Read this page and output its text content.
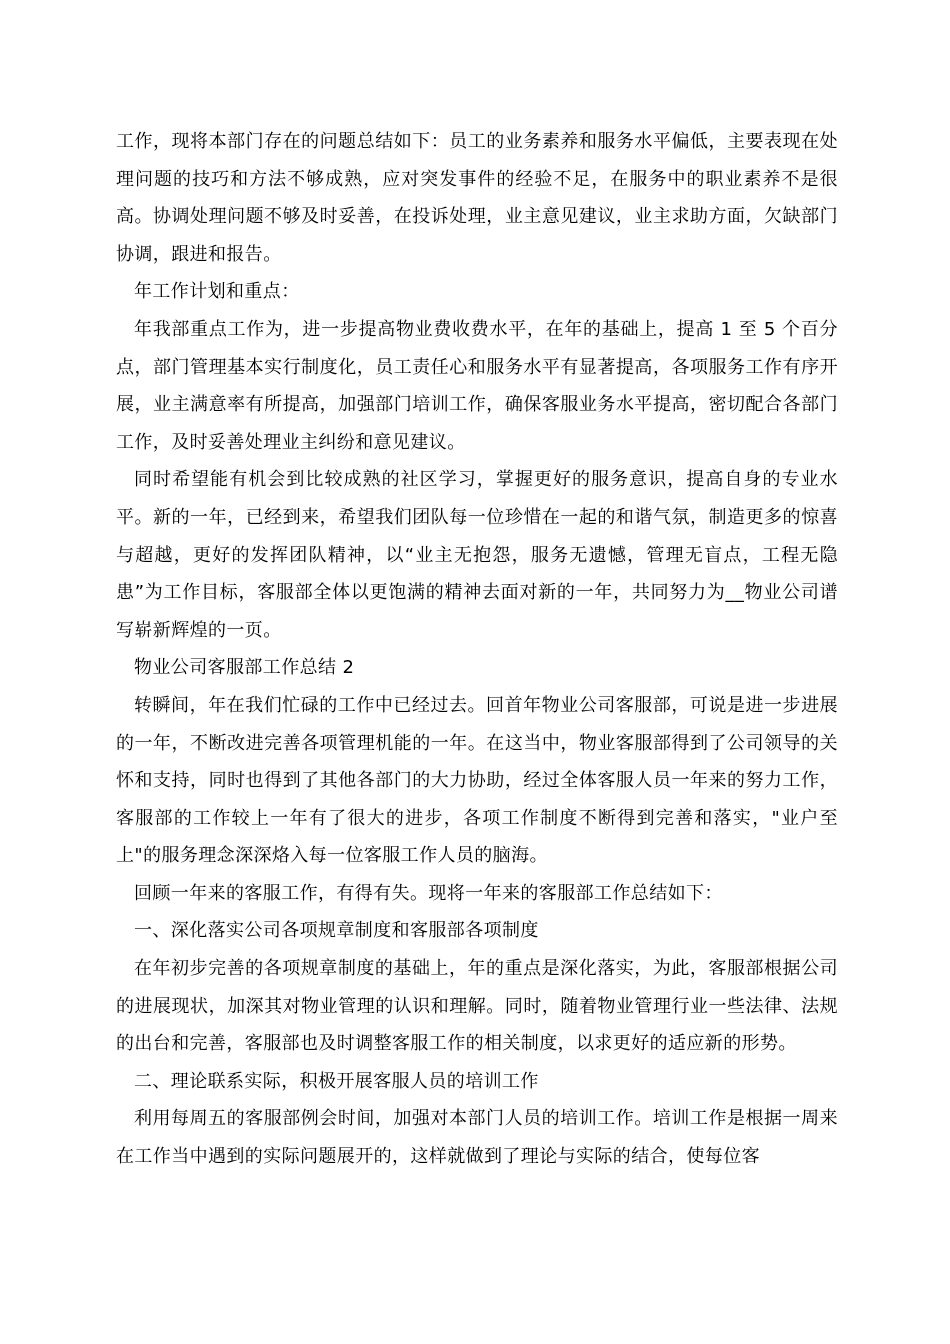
工作，现将本部门存在的问题总结如下：员工的业务素养和服务水平偏低，主要表现在处理问题的技巧和方法不够成熟，应对突发事件的经验不足，在服务中的职业素养不是很高。协调处理问题不够及时妥善，在投诉处理，业主意见建议，业主求助方面，欠缺部门协调，跟进和报告。

年工作计划和重点：

年我部重点工作为，进一步提高物业费收费水平，在年的基础上，提高 1 至 5 个百分点，部门管理基本实行制度化，员工责任心和服务水平有显著提高，各项服务工作有序开展，业主满意率有所提高，加强部门培训工作，确保客服业务水平提高，密切配合各部门工作，及时妥善处理业主纠纷和意见建议。

同时希望能有机会到比较成熟的社区学习，掌握更好的服务意识，提高自身的专业水平。新的一年，已经到来，希望我们团队每一位珍惜在一起的和谐气氛，制造更多的惊喜与超越，更好的发挥团队精神，以“业主无抱怨，服务无遗憾，管理无盲点，工程无隐患”为工作目标，客服部全体以更饱满的精神去面对新的一年，共同努力为__物业公司谱写崭新辉煌的一页。

物业公司客服部工作总结 2

转瞬间，年在我们忙碌的工作中已经过去。回首年物业公司客服部，可说是进一步进展的一年，不断改进完善各项管理机能的一年。在这当中，物业客服部得到了公司领导的关怀和支持，同时也得到了其他各部门的大力协助，经过全体客服人员一年来的努力工作，客服部的工作较上一年有了很大的进步，各项工作制度不断得到完善和落实，"业户至上"的服务理念深深烙入每一位客服工作人员的脑海。

回顾一年来的客服工作，有得有失。现将一年来的客服部工作总结如下：

一、深化落实公司各项规章制度和客服部各项制度

在年初步完善的各项规章制度的基础上，年的重点是深化落实，为此，客服部根据公司的进展现状，加深其对物业管理的认识和理解。同时，随着物业管理行业一些法律、法规的出台和完善，客服部也及时调整客服工作的相关制度，以求更好的适应新的形势。

二、理论联系实际，积极开展客服人员的培训工作

利用每周五的客服部例会时间，加强对本部门人员的培训工作。培训工作是根据一周来在工作当中遇到的实际问题展开的，这样就做到了理论与实际的结合，使每位客
